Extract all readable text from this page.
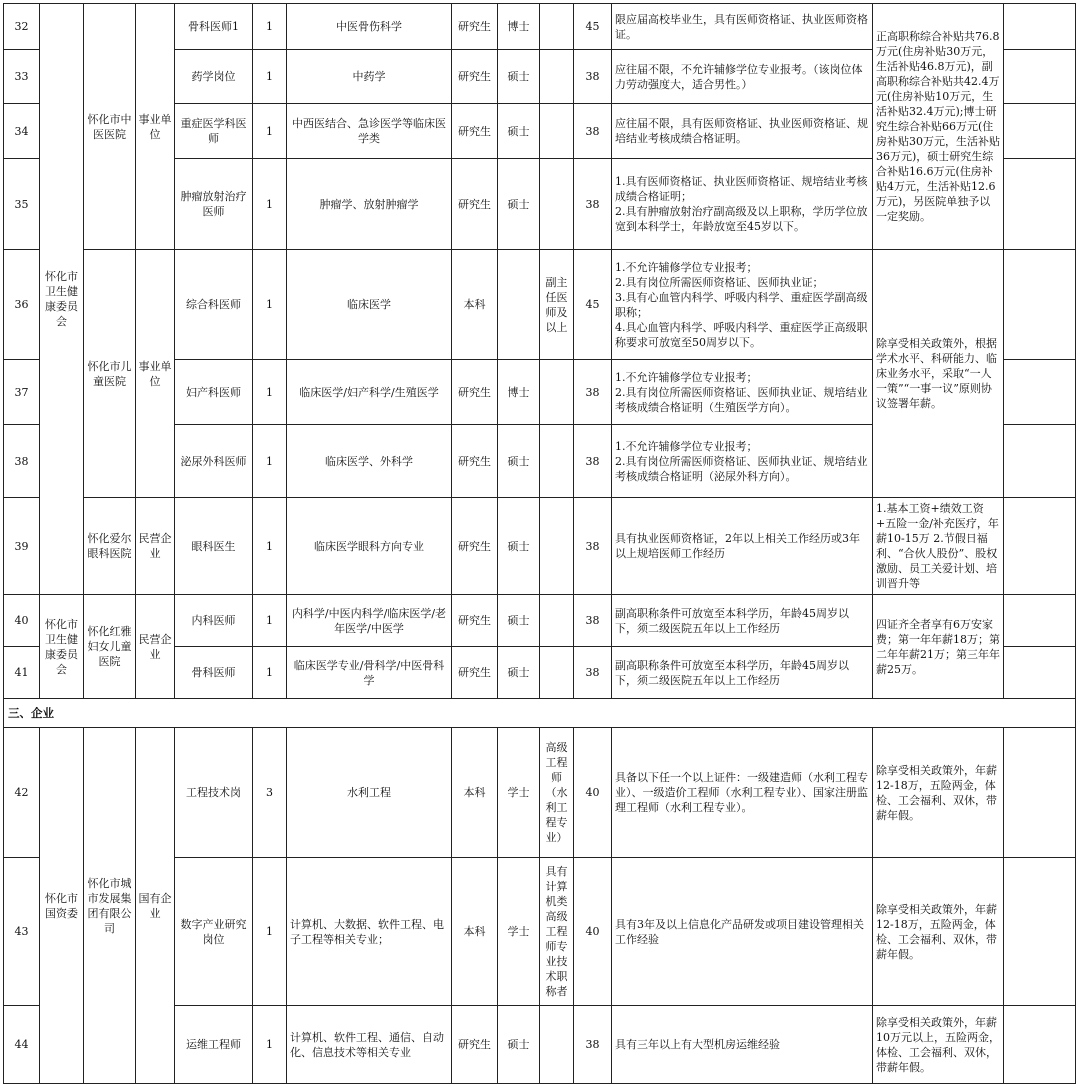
32	怀化市卫生健康委员会	怀化市中医医院	事业单位	骨科医师1	1	中医骨伤科学	研究生	博士		45	限应届高校毕业生，具有医师资格证、执业医师资格证。	正高职称综合补贴共76.8万元(住房补贴30万元，生活补贴46.8万元)，副高职称综合补贴共42.4万元(住房补贴10万元，生活补贴32.4万元);博士研究生综合补贴66万元(住房补贴30万元，生活补贴36万元)，硕士研究生综合补贴16.6万元(住房补贴4万元，生活补贴12.6万元)，另医院单独予以一定奖励。	
33				药学岗位	1	中药学	研究生	硕士		38	应往届不限，不允许辅修学位专业报考。（该岗位体力劳动强度大，适合男性。）		
34				重症医学科医师	1	中西医结合、急诊医学等临床医学类	研究生	硕士		38	应往届不限，具有医师资格证、执业医师资格证、规培结业考核成绩合格证明。		
35				肿瘤放射治疗医师	1	肿瘤学、放射肿瘤学	研究生	硕士		38	1.具有医师资格证、执业医师资格证、规培结业考核成绩合格证明；
2.具有肿瘤放射治疗副高级及以上职称，学历学位放宽到本科学士，年龄放宽至45岁以下。		
36		怀化市儿童医院	事业单位	综合科医师	1	临床医学	本科		副主任医师及以上	45	1.不允许辅修学位专业报考；
2.具有岗位所需医师资格证、医师执业证；
3.具有心血管内科学、呼吸内科学、重症医学副高级职称；
4.具心血管内科学、呼吸内科学、重症医学正高级职称要求可放宽至50周岁以下。	除享受相关政策外，根据学术水平、科研能力、临床业务水平，采取“一人一策”“一事一议”原则协议签署年薪。	
37				妇产科医师	1	临床医学/妇产科学/生殖医学	研究生	博士		38	1.不允许辅修学位专业报考；
2.具有岗位所需医师资格证、医师执业证、规培结业考核成绩合格证明（生殖医学方向）。		
38				泌尿外科医师	1	临床医学、外科学	研究生	硕士		38	1.不允许辅修学位专业报考；
2.具有岗位所需医师资格证、医师执业证、规培结业考核成绩合格证明（泌尿外科方向）。		
39		怀化爱尔眼科医院	民营企业	眼科医生	1	临床医学眼科方向专业	研究生	硕士		38	具有执业医师资格证，2年以上相关工作经历或3年以上规培医师工作经历	1.基本工资+绩效工资+五险一金/补充医疗，年薪10-15万 2.节假日福利、“合伙人股份”、股权激励、员工关爱计划、培训晋升等	
40	怀化市卫生健康委员会	怀化红雅妇女儿童医院	民营企业	内科医师	1	内科学/中医内科学/临床医学/老年医学/中医学	研究生	硕士		38	副高职称条件可放宽至本科学历，年龄45周岁以下，须二级医院五年以上工作经历	四证齐全者享有6万安家费；第一年年薪18万；第二年年薪21万；第三年年薪25万。	
41				骨科医师	1	临床医学专业/骨科学/中医骨科学	研究生	硕士		38	副高职称条件可放宽至本科学历，年龄45周岁以下，须二级医院五年以上工作经历		
三、企业													
42	怀化市国资委	怀化市城市发展集团有限公司	国有企业	工程技术岗	3	水利工程	本科	学士	高级工程师（水利工程专业）	40	具备以下任一个以上证件：一级建造师（水利工程专业）、一级造价工程师（水利工程专业）、国家注册监理工程师（水利工程专业）。	除享受相关政策外，年薪12-18万，五险两金，体检、工会福利、双休，带薪年假。	
43				数字产业研究岗位	1	计算机、大数据、软件工程、电子工程等相关专业；	本科	学士	具有计算机类高级工程师专业技术职称者	40	具有3年及以上信息化产品研发或项目建设管理相关工作经验	除享受相关政策外，年薪12-18万，五险两金，体检、工会福利、双休，带薪年假。	
44				运维工程师	1	计算机、软件工程、通信、自动化、信息技术等相关专业	研究生	硕士		38	具有三年以上有大型机房运维经验	除享受相关政策外，年薪10万元以上，五险两金，体检、工会福利、双休，带薪年假。	
